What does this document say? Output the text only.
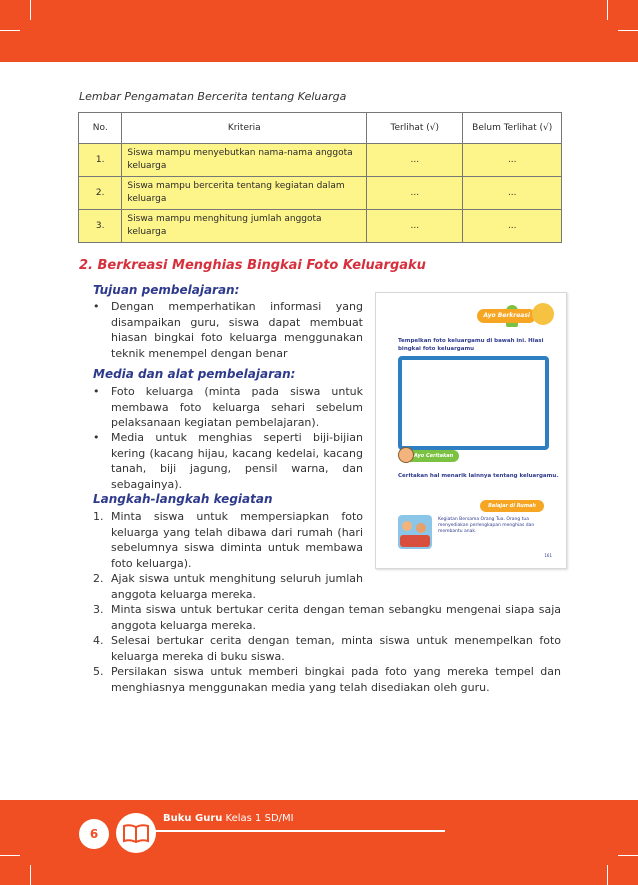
Lembar Pengamatan Bercerita tentang Keluarga
No.	Kriteria	Terlihat (√)	Belum Terlihat (√)
1.	Siswa mampu menyebutkan nama-nama anggota keluarga	...	...
2.	Siswa mampu bercerita tentang kegiatan dalam keluarga	...	...
3.	Siswa mampu menghitung jumlah anggota keluarga	...	...
2. Berkreasi Menghias Bingkai Foto Keluargaku
Tujuan pembelajaran:
• Dengan memperhatikan informasi yang disampaikan guru, siswa dapat membuat hiasan bingkai foto keluarga menggunakan teknik menempel dengan benar
Media dan alat pembelajaran:
• Foto keluarga (minta pada siswa untuk membawa foto keluarga sehari sebelum pelaksanaan kegiatan pembelajaran).
• Media untuk menghias seperti biji-bijian kering (kacang hijau, kacang kedelai, kacang tanah, biji jagung, pensil warna, dan sebagainya).
Langkah-langkah kegiatan
1. Minta siswa untuk mempersiapkan foto keluarga yang telah dibawa dari rumah (hari sebelumnya siswa diminta untuk membawa foto keluarga).
2. Ajak siswa untuk menghitung seluruh jumlah anggota keluarga mereka.
3. Minta siswa untuk bertukar cerita dengan teman sebangku mengenai siapa saja anggota keluarga mereka.
4. Selesai bertukar cerita dengan teman, minta siswa untuk menempelkan foto keluarga mereka di buku siswa.
5. Persilakan siswa untuk memberi bingkai pada foto yang mereka tempel dan menghiasnya menggunakan media yang telah disediakan oleh guru.
Ayo Berkreasi
Tempelkan foto keluargamu di bawah ini. Hiasi bingkai foto keluargamu
Ayo Ceritakan
Ceritakan hal menarik lainnya tentang keluargamu.
Belajar di Rumah
Kegiatan Bersama Orang Tua. Orang tua menyediakan perlengkapan menghias dan membantu anak.
161
Buku Guru Kelas 1 SD/MI
6
